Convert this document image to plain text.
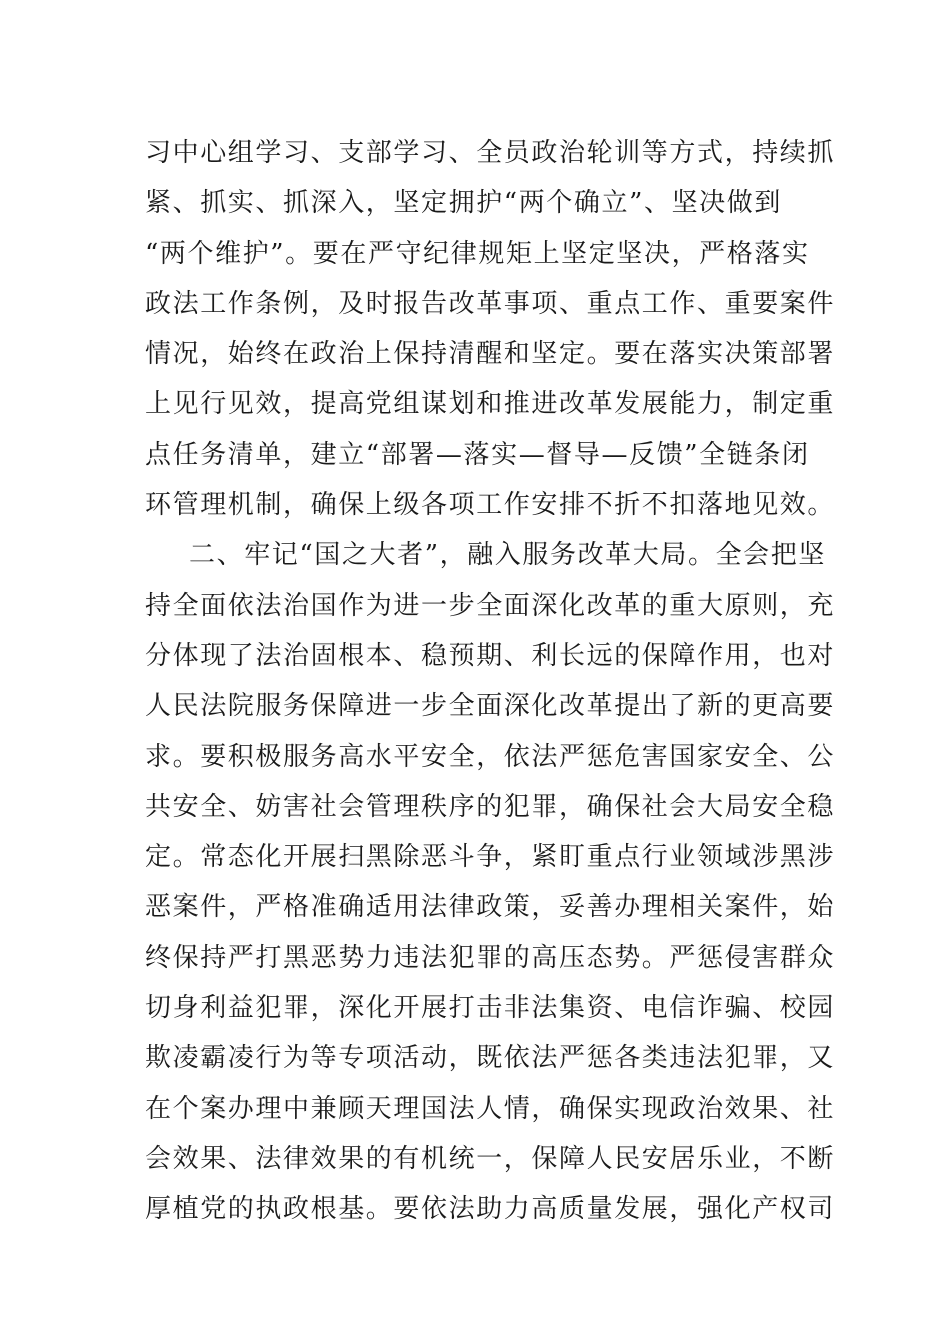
习中心组学习、支部学习、全员政治轮训等方式，持续抓
紧、抓实、抓深入，坚定拥护“两个确立”、坚决做到
“两个维护”。要在严守纪律规矩上坚定坚决，严格落实
政法工作条例，及时报告改革事项、重点工作、重要案件
情况，始终在政治上保持清醒和坚定。要在落实决策部署
上见行见效，提高党组谋划和推进改革发展能力，制定重
点任务清单，建立“部署—落实—督导—反馈”全链条闭
环管理机制，确保上级各项工作安排不折不扣落地见效。
二、牢记“国之大者”，融入服务改革大局。全会把坚
持全面依法治国作为进一步全面深化改革的重大原则，充
分体现了法治固根本、稳预期、利长远的保障作用，也对
人民法院服务保障进一步全面深化改革提出了新的更高要
求。要积极服务高水平安全，依法严惩危害国家安全、公
共安全、妨害社会管理秩序的犯罪，确保社会大局安全稳
定。常态化开展扫黑除恶斗争，紧盯重点行业领域涉黑涉
恶案件，严格准确适用法律政策，妥善办理相关案件，始
终保持严打黑恶势力违法犯罪的高压态势。严惩侵害群众
切身利益犯罪，深化开展打击非法集资、电信诈骗、校园
欺凌霸凌行为等专项活动，既依法严惩各类违法犯罪，又
在个案办理中兼顾天理国法人情，确保实现政治效果、社
会效果、法律效果的有机统一，保障人民安居乐业，不断
厚植党的执政根基。要依法助力高质量发展，强化产权司
